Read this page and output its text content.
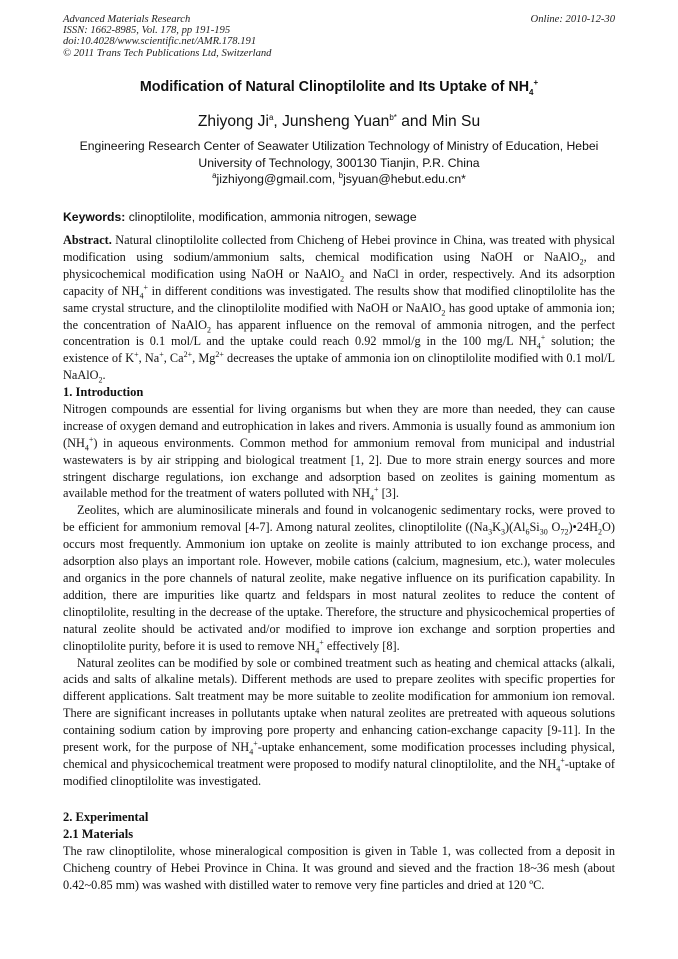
Advanced Materials Research
ISSN: 1662-8985, Vol. 178, pp 191-195
doi:10.4028/www.scientific.net/AMR.178.191
© 2011 Trans Tech Publications Ltd, Switzerland
Online: 2010-12-30
Modification of Natural Clinoptilolite and Its Uptake of $NH_4^+$
Zhiyong Ji$^a$, Junsheng Yuan$^{b*}$ and Min Su
Engineering Research Center of Seawater Utilization Technology of Ministry of Education, Hebei
University of Technology, 300130 Tianjin, P.R. China
$^a$jizhiyong@gmail.com, $^b$jsyuan@hebut.edu.cn*
Keywords: clinoptilolite, modification, ammonia nitrogen, sewage

Abstract. Natural clinoptilolite collected from Chicheng of Hebei province in China, was treated with physical modification using sodium/ammonium salts, chemical modification using NaOH or NaAlO$_2$, and physicochemical modification using NaOH or NaAlO$_2$ and NaCl in order, respectively. And its adsorption capacity of $NH_4^+$ in different conditions was investigated. The results show that modified clinoptilolite has the same crystal structure, and the clinoptilolite modified with NaOH or NaAlO$_2$ has good uptake of ammonia ion; the concentration of NaAlO$_2$ has apparent influence on the removal of ammonia nitrogen, and the perfect concentration is 0.1 mol/L and the uptake could reach 0.92 mmol/g in the 100 mg/L $NH_4^+$ solution; the existence of K+, Na+, $Ca^{2+}$, $Mg^{2+}$ decreases the uptake of ammonia ion on clinoptilolite modified with 0.1 mol/L NaAlO$_2$.

1. Introduction

Nitrogen compounds are essential for living organisms but when they are more than needed, they can cause increase of oxygen demand and eutrophication in lakes and rivers. Ammonia is usually found as ammonium ion $(NH_4^+)$ in aqueous environments. Common method for ammonium removal from municipal and industrial wastewaters is by air stripping and biological treatment [1, 2]. Due to more strain energy sources and more stringent discharge regulations, ion exchange and adsorption based on zeolites is gaining momentum as available method for the treatment of waters polluted with $NH_4^+$ [3].

Zeolites, which are aluminosilicate minerals and found in volcanogenic sedimentary rocks, were proved to be efficient for ammonium removal [4-7]. Among natural zeolites, clinoptilolite ($(Na_3K_3)(Al_6Si_{30}$ $O_{72})•24H_2O$) occurs most frequently. Ammonium ion uptake on zeolite is mainly attributed to ion exchange process, and adsorption also plays an important role. However, mobile cations (calcium, magnesium, etc.), water molecules and organics in the pore channels of natural zeolite, make negative influence on its purification capability. In addition, there are impurities like quartz and feldspars in most natural zeolites to reduce the content of clinoptilolite, resulting in the decrease of the uptake. Therefore, the structure and physicochemical properties of natural zeolite should be activated and/or modified to improve ion exchange and sorption properties and clinoptilolite purity, before it is used to remove $NH_4^+$ effectively [8].

Natural zeolites can be modified by sole or combined treatment such as heating and chemical attacks (alkali, acids and salts of alkaline metals). Different methods are used to prepare zeolites with specific properties for different applications. Salt treatment may be more suitable to zeolite modification for ammonium ion removal. There are significant increases in pollutants uptake when natural zeolites are pretreated with aqueous solutions containing sodium cation by improving pore property and enhancing cation-exchange capacity [9-11]. In the present work, for the purpose of $NH_4^+$-uptake enhancement, some modification processes including physical, chemical and physicochemical treatment were proposed to modify natural clinoptilolite, and the $NH_4^+$-uptake of modified clinoptilolite was investigated.

2. Experimental
2.1 Materials

The raw clinoptilolite, whose mineralogical composition is given in Table 1, was collected from a deposit in Chicheng country of Hebei Province in China. It was ground and sieved and the fraction 18~36 mesh (about 0.42~0.85 mm) was washed with distilled water to remove very fine particles and dried at 120 ºC.
